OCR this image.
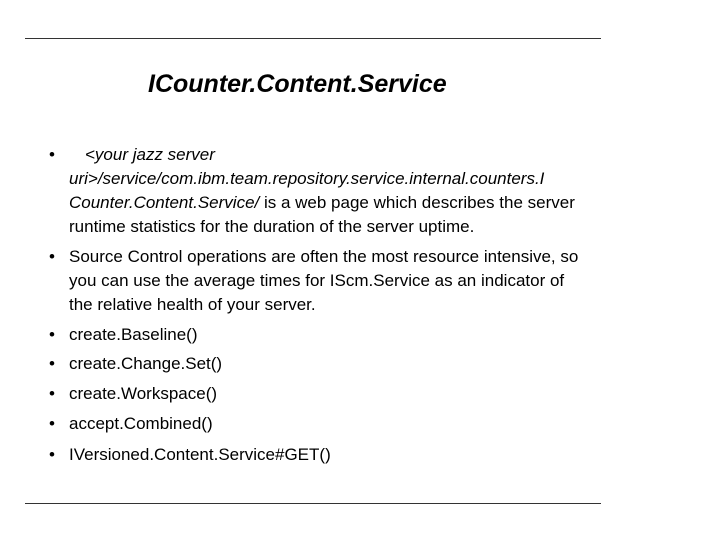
ICounter.Content.Service
•	<your jazz server
uri>/service/com.ibm.team.repository.service.internal.counters.I
Counter.Content.Service/ is a web page which describes the server runtime statistics for the duration of the server uptime.
• Source Control operations are often the most resource intensive, so you can use the average times for IScm.Service as an indicator of the relative health of your server.
• create.Baseline()
• create.Change.Set()
• create.Workspace()
• accept.Combined()
• IVersioned.Content.Service#GET()
